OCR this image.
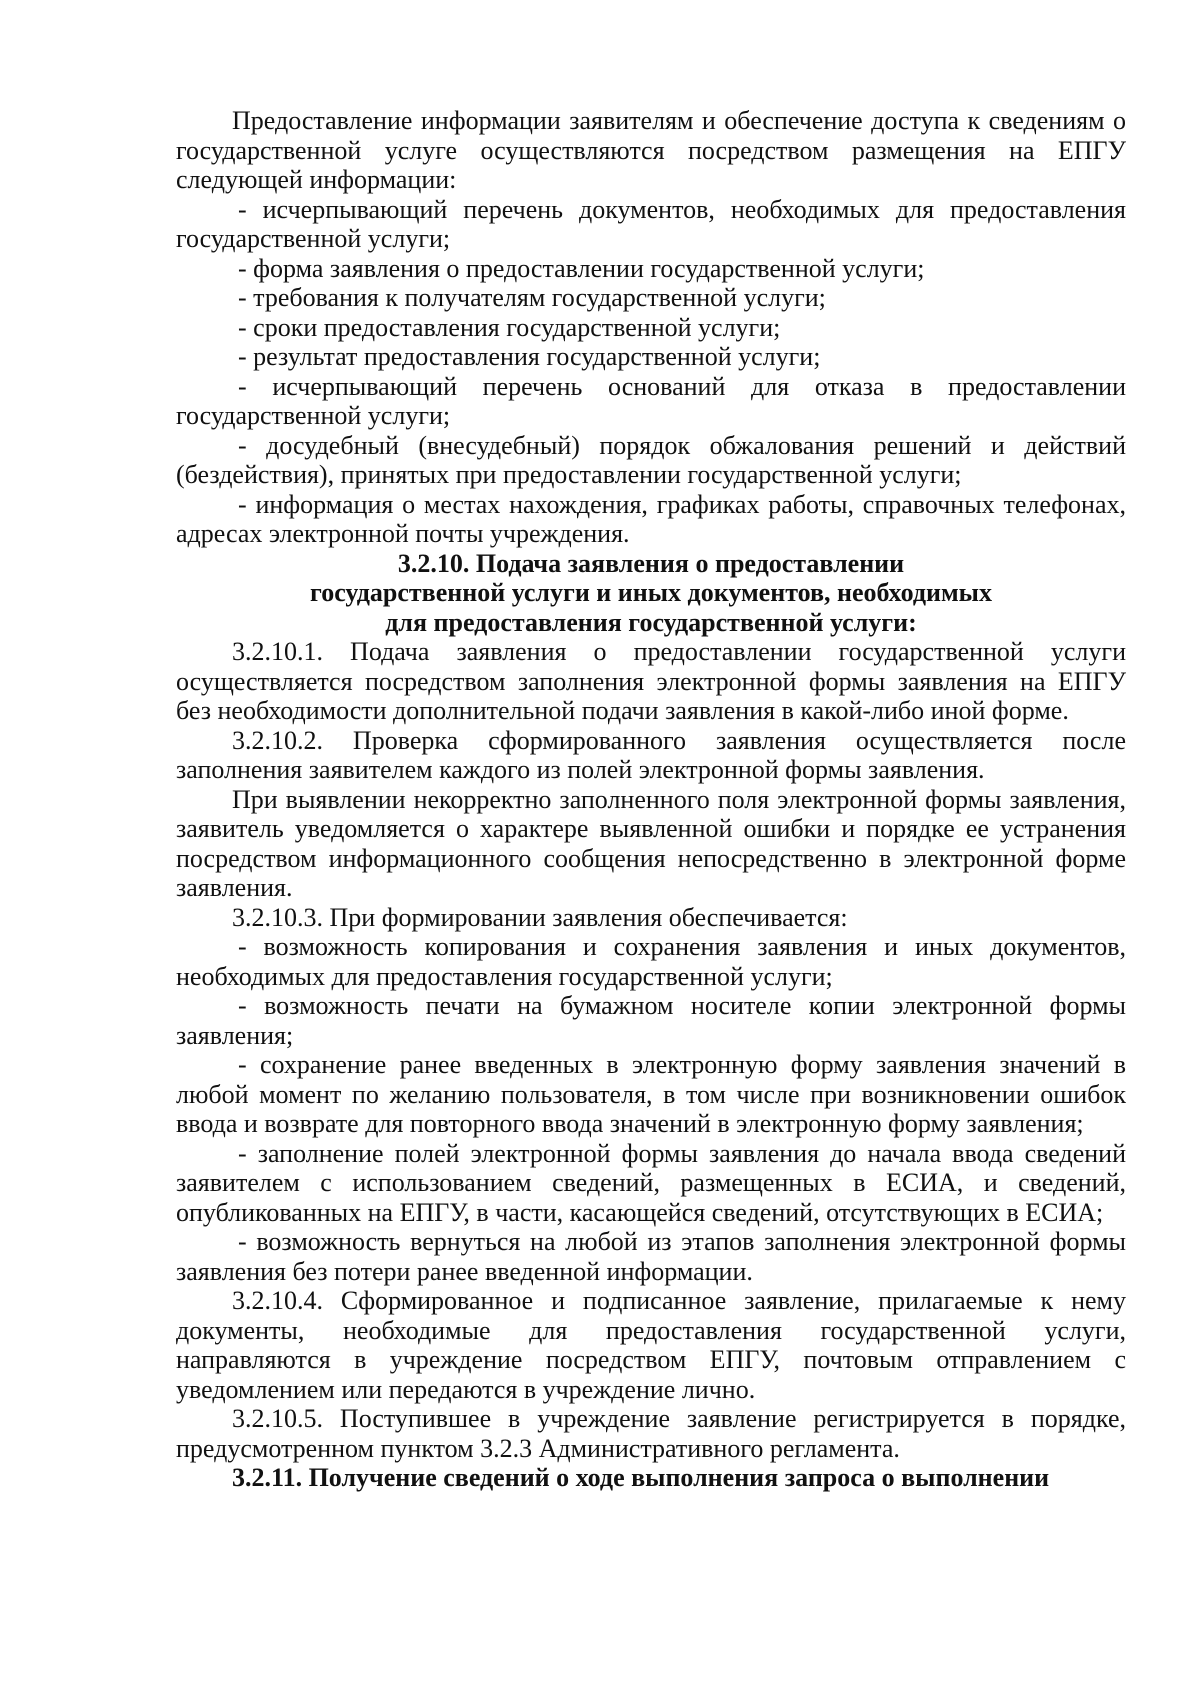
Предоставление информации заявителям и обеспечение доступа к сведениям о государственной услуге осуществляются посредством размещения на ЕПГУ следующей информации:

- исчерпывающий перечень документов, необходимых для предоставления государственной услуги;

- форма заявления о предоставлении государственной услуги;

- требования к получателям государственной услуги;

- сроки предоставления государственной услуги;

- результат предоставления государственной услуги;

- исчерпывающий перечень оснований для отказа в предоставлении государственной услуги;

- досудебный (внесудебный) порядок обжалования решений и действий (бездействия), принятых при предоставлении государственной услуги;

- информация о местах нахождения, графиках работы, справочных телефонах, адресах электронной почты учреждения.

3.2.10. Подача заявления о предоставлении
государственной услуги и иных документов, необходимых
для предоставления государственной услуги:

3.2.10.1. Подача заявления о предоставлении государственной услуги осуществляется посредством заполнения электронной формы заявления на ЕПГУ без необходимости дополнительной подачи заявления в какой-либо иной форме.

3.2.10.2. Проверка сформированного заявления осуществляется после заполнения заявителем каждого из полей электронной формы заявления.

При выявлении некорректно заполненного поля электронной формы заявления, заявитель уведомляется о характере выявленной ошибки и порядке ее устранения посредством информационного сообщения непосредственно в электронной форме заявления.

3.2.10.3. При формировании заявления обеспечивается:

- возможность копирования и сохранения заявления и иных документов, необходимых для предоставления государственной услуги;

- возможность печати на бумажном носителе копии электронной формы заявления;

- сохранение ранее введенных в электронную форму заявления значений в любой момент по желанию пользователя, в том числе при возникновении ошибок ввода и возврате для повторного ввода значений в электронную форму заявления;

- заполнение полей электронной формы заявления до начала ввода сведений заявителем с использованием сведений, размещенных в ЕСИА, и сведений, опубликованных на ЕПГУ, в части, касающейся сведений, отсутствующих в ЕСИА;

- возможность вернуться на любой из этапов заполнения электронной формы заявления без потери ранее введенной информации.

3.2.10.4. Сформированное и подписанное заявление, прилагаемые к нему документы, необходимые для предоставления государственной услуги, направляются в учреждение посредством ЕПГУ, почтовым отправлением с уведомлением или передаются в учреждение лично.

3.2.10.5. Поступившее в учреждение заявление регистрируется в порядке, предусмотренном пунктом 3.2.3 Административного регламента.

3.2.11. Получение сведений о ходе выполнения запроса о выполнении
